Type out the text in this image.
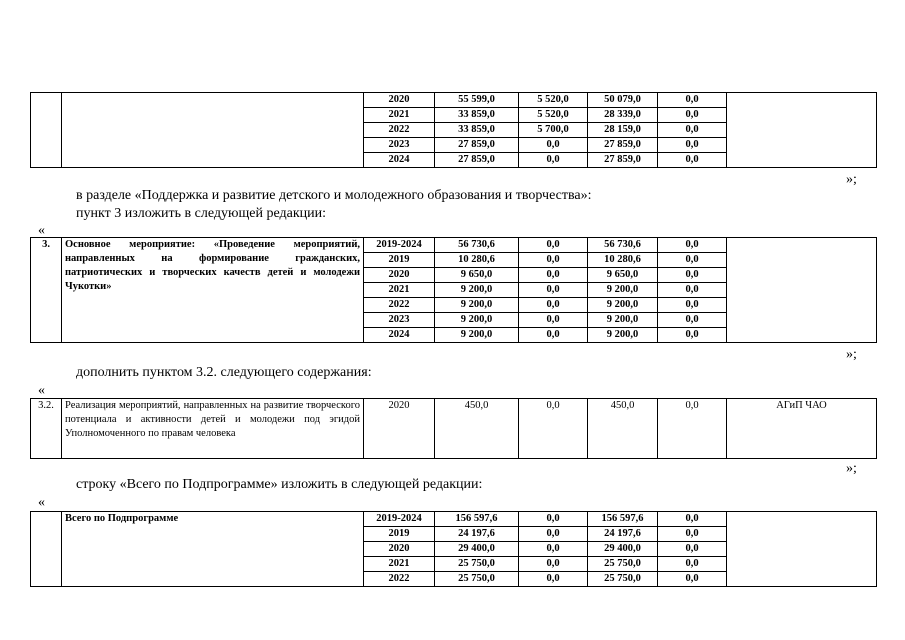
		2020	55 599,0	5 520,0	50 079,0	0,0	
		2021	33 859,0	5 520,0	28 339,0	0,0	
		2022	33 859,0	5 700,0	28 159,0	0,0	
		2023	27 859,0	0,0	27 859,0	0,0	
		2024	27 859,0	0,0	27 859,0	0,0	
»;
в разделе «Поддержка и развитие детского и молодежного образования и творчества»:
пункт 3 изложить в следующей редакции:
«
3.	Основное мероприятие: «Проведение мероприятий, направленных на формирование гражданских, патриотических и творческих качеств детей и молодежи Чукотки»	2019-2024	56 730,6	0,0	56 730,6	0,0	
		2019	10 280,6	0,0	10 280,6	0,0	
		2020	9 650,0	0,0	9 650,0	0,0	
		2021	9 200,0	0,0	9 200,0	0,0	
		2022	9 200,0	0,0	9 200,0	0,0	
		2023	9 200,0	0,0	9 200,0	0,0	
		2024	9 200,0	0,0	9 200,0	0,0	
»;
дополнить пунктом 3.2. следующего содержания:
«
3.2.	Реализация мероприятий, направленных на развитие творческого потенциала и активности детей и молодежи под эгидой Уполномоченного по правам человека	2020	450,0	0,0	450,0	0,0	АГиП ЧАО
»;
строку «Всего по Подпрограмме» изложить в следующей редакции:
«
	Всего по Подпрограмме	2019-2024	156 597,6	0,0	156 597,6	0,0	
		2019	24 197,6	0,0	24 197,6	0,0	
		2020	29 400,0	0,0	29 400,0	0,0	
		2021	25 750,0	0,0	25 750,0	0,0	
		2022	25 750,0	0,0	25 750,0	0,0	
